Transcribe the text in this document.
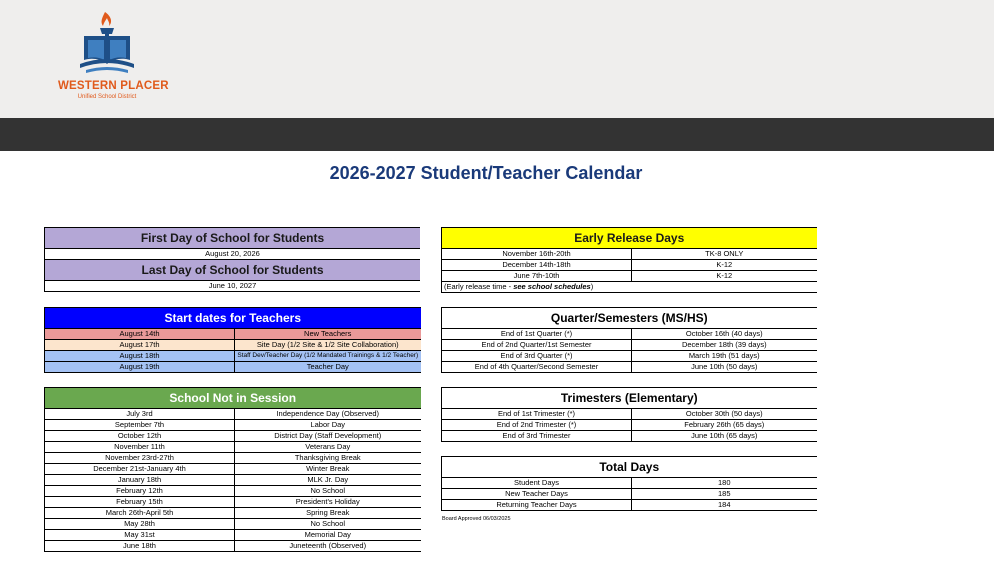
WESTERN PLACER
Unified School District
2026-2027 Student/Teacher Calendar
First Day of School for Students
August 20, 2026
Last Day of School for Students
June 10, 2027
Start dates for Teachers	
August 14th	New Teachers
August 17th	Site Day (1/2 Site & 1/2 Site Collaboration)
August 18th	Staff Dev/Teacher Day (1/2 Mandated Trainings & 1/2 Teacher)
August 19th	Teacher Day
School Not in Session	
July 3rd	Independence Day (Observed)
September 7th	Labor Day
October 12th	District Day (Staff Development)
November 11th	Veterans Day
November 23rd-27th	Thanksgiving Break
December 21st-January 4th	Winter Break
January 18th	MLK Jr. Day
February 12th	No School
February 15th	President's Holiday
March 26th-April 5th	Spring Break
May 28th	No School
May 31st	Memorial Day
June 18th	Juneteenth (Observed)
Early Release Days	
November 16th-20th	TK-8 ONLY
December 14th-18th	K-12
June 7th-10th	K-12
(Early release time - see school schedules)	
Quarter/Semesters (MS/HS)	
End of 1st Quarter (*)	October 16th (40 days)
End of 2nd Quarter/1st Semester	December 18th (39 days)
End of 3rd Quarter (*)	March 19th (51 days)
End of 4th Quarter/Second Semester	June 10th (50 days)
Trimesters (Elementary)	
End of 1st Trimester (*)	October 30th (50 days)
End of 2nd Trimester (*)	February 26th (65 days)
End of 3rd Trimester	June 10th (65 days)
Total Days	
Student Days	180
New Teacher Days	185
Returning Teacher Days	184
Board Approved 06/03/2025
